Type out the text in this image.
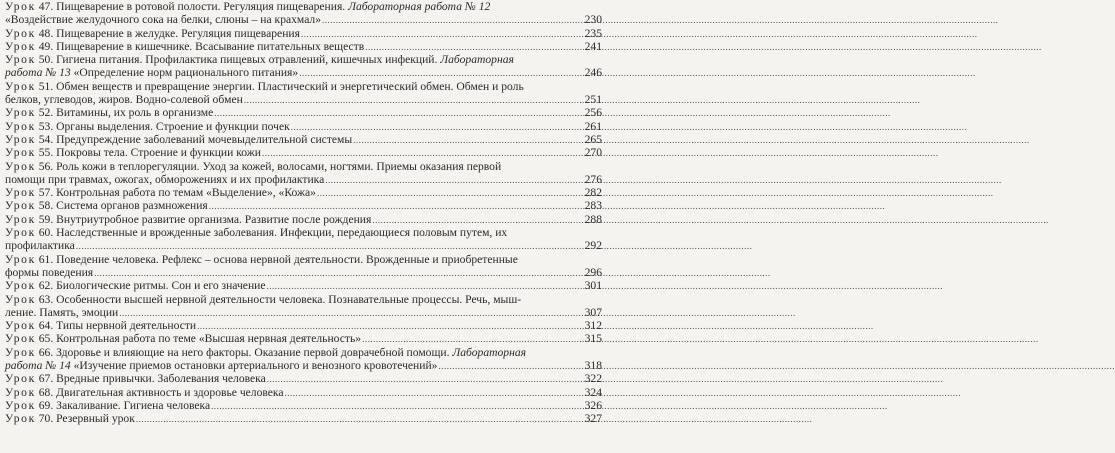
Урок 47. Пищеварение в ротовой полости. Регуляция пищеварения. Лабораторная работа № 12
«Воздействие желудочного сока на белки, слюны – на крахмал» .....	230
Урок 48. Пищеварение в желудке. Регуляция пищеварения .....	235
Урок 49. Пищеварение в кишечнике. Всасывание питательных веществ .....	241
Урок 50. Гигиена питания. Профилактика пищевых отравлений, кишечных инфекций. Лабораторная
работа № 13 «Определение норм рационального питания» .....	246
Урок 51. Обмен веществ и превращение энергии. Пластический и энергетический обмен. Обмен и роль
белков, углеводов, жиров. Водно-солевой обмен .....	251
Урок 52. Витамины, их роль в организме .....	256
Урок 53. Органы выделения. Строение и функции почек .....	261
Урок 54. Предупреждение заболеваний мочевыделительной системы .....	265
Урок 55. Покровы тела. Строение и функции кожи .....	270
Урок 56. Роль кожи в теплорегуляции. Уход за кожей, волосами, ногтями. Приемы оказания первой
помощи при травмах, ожогах, обморожениях и их профилактика .....	276
Урок 57. Контрольная работа по темам «Выделение», «Кожа» .....	282
Урок 58. Система органов размножения .....	283
Урок 59. Внутриутробное развитие организма. Развитие после рождения .....	288
Урок 60. Наследственные и врожденные заболевания. Инфекции, передающиеся половым путем, их
профилактика .....	292
Урок 61. Поведение человека. Рефлекс – основа нервной деятельности. Врожденные и приобретенные
формы поведения .....	296
Урок 62. Биологические ритмы. Сон и его значение .....	301
Урок 63. Особенности высшей нервной деятельности человека. Познавательные процессы. Речь, мыш-
ление. Память, эмоции .....	307
Урок 64. Типы нервной деятельности .....	312
Урок 65. Контрольная работа по теме «Высшая нервная деятельность» .....	315
Урок 66. Здоровье и влияющие на него факторы. Оказание первой доврачебной помощи. Лабораторная
работа № 14 «Изучение приемов остановки артериального и венозного кровотечений» .....	318
Урок 67. Вредные привычки. Заболевания человека .....	322
Урок 68. Двигательная активность и здоровье человека .....	324
Урок 69. Закаливание. Гигиена человека .....	326
Урок 70. Резервный урок .....	327
